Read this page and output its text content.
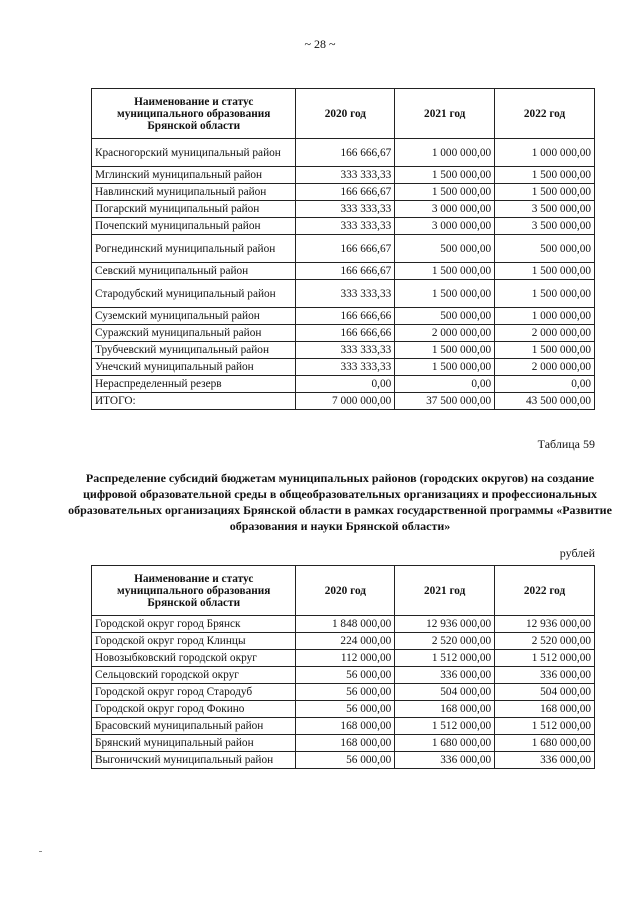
~ 28 ~
Наименование и статус муниципального образования Брянской области	2020 год	2021 год	2022 год
Красногорский муниципальный район	166 666,67	1 000 000,00	1 000 000,00
Мглинский муниципальный район	333 333,33	1 500 000,00	1 500 000,00
Навлинский муниципальный район	166 666,67	1 500 000,00	1 500 000,00
Погарский муниципальный район	333 333,33	3 000 000,00	3 500 000,00
Почепский муниципальный район	333 333,33	3 000 000,00	3 500 000,00
Рогнединский муниципальный район	166 666,67	500 000,00	500 000,00
Севский муниципальный район	166 666,67	1 500 000,00	1 500 000,00
Стародубский муниципальный район	333 333,33	1 500 000,00	1 500 000,00
Суземский муниципальный район	166 666,66	500 000,00	1 000 000,00
Суражский муниципальный район	166 666,66	2 000 000,00	2 000 000,00
Трубчевский муниципальный район	333 333,33	1 500 000,00	1 500 000,00
Унечский муниципальный район	333 333,33	1 500 000,00	2 000 000,00
Нераспределенный резерв	0,00	0,00	0,00
ИТОГО:	7 000 000,00	37 500 000,00	43 500 000,00
Таблица 59
Распределение субсидий бюджетам муниципальных районов (городских округов) на создание цифровой образовательной среды в общеобразовательных организациях и профессиональных образовательных организациях Брянской области в рамках государственной программы «Развитие образования и науки Брянской области»
рублей
Наименование и статус муниципального образования Брянской области	2020 год	2021 год	2022 год
Городской округ город Брянск	1 848 000,00	12 936 000,00	12 936 000,00
Городской округ город Клинцы	224 000,00	2 520 000,00	2 520 000,00
Новозыбковский городской округ	112 000,00	1 512 000,00	1 512 000,00
Сельцовский городской округ	56 000,00	336 000,00	336 000,00
Городской округ город Стародуб	56 000,00	504 000,00	504 000,00
Городской округ город Фокино	56 000,00	168 000,00	168 000,00
Брасовский муниципальный район	168 000,00	1 512 000,00	1 512 000,00
Брянский муниципальный район	168 000,00	1 680 000,00	1 680 000,00
Выгоничский муниципальный район	56 000,00	336 000,00	336 000,00
